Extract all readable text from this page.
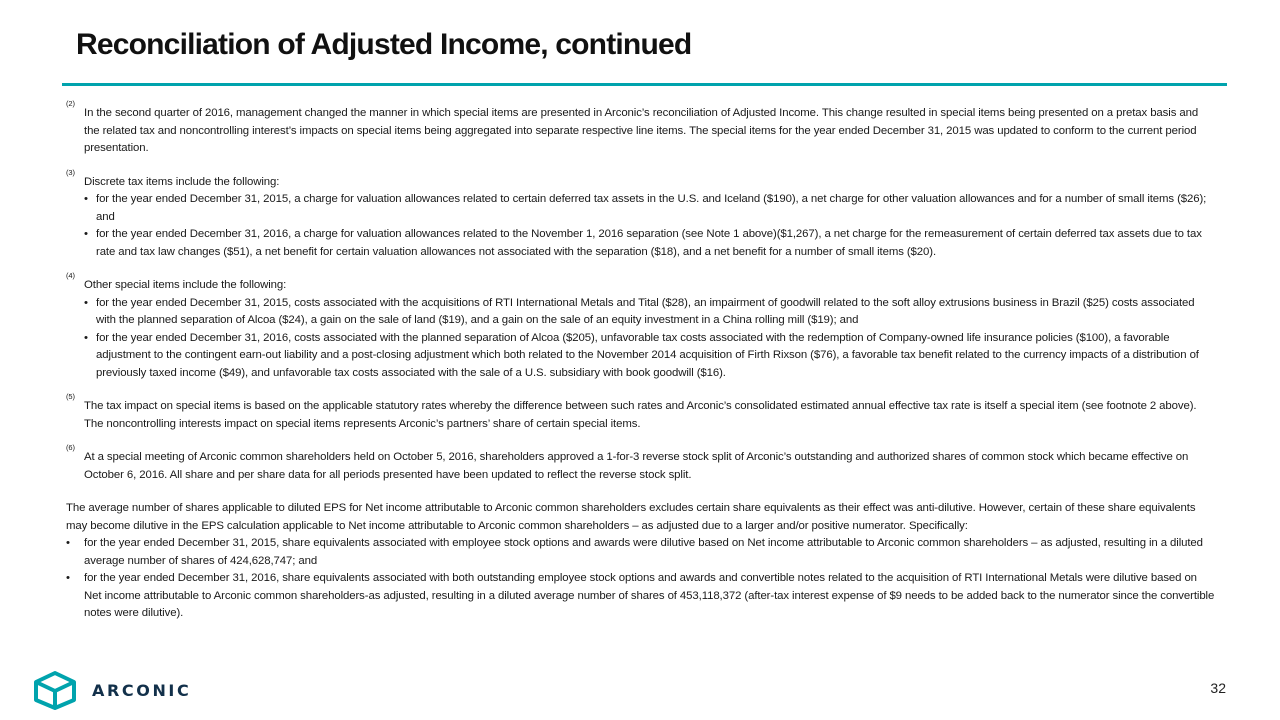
Reconciliation of Adjusted Income, continued
(2)

In the second quarter of 2016, management changed the manner in which special items are presented in Arconic’s reconciliation of Adjusted Income. This change resulted in special items being presented on a pretax basis and the related tax and noncontrolling interest’s impacts on special items being aggregated into separate respective line items. The special items for the year ended December 31, 2015 was updated to conform to the current period presentation.

(3)

Discrete tax items include the following:

• for the year ended December 31, 2015, a charge for valuation allowances related to certain deferred tax assets in the U.S. and Iceland ($190), a net charge for other valuation allowances and for a number of small items ($26); and
• for the year ended December 31, 2016, a charge for valuation allowances related to the November 1, 2016 separation (see Note 1 above)($1,267), a net charge for the remeasurement of certain deferred tax assets due to tax rate and tax law changes ($51), a net benefit for certain valuation allowances not associated with the separation ($18), and a net benefit for a number of small items ($20).
(4)

Other special items include the following:

• for the year ended December 31, 2015, costs associated with the acquisitions of RTI International Metals and Tital ($28), an impairment of goodwill related to the soft alloy extrusions business in Brazil ($25) costs associated with the planned separation of Alcoa ($24), a gain on the sale of land ($19), and a gain on the sale of an equity investment in a China rolling mill ($19); and
• for the year ended December 31, 2016, costs associated with the planned separation of Alcoa ($205), unfavorable tax costs associated with the redemption of Company-owned life insurance policies ($100), a favorable adjustment to the contingent earn-out liability and a post-closing adjustment which both related to the November 2014 acquisition of Firth Rixson ($76), a favorable tax benefit related to the currency impacts of a distribution of previously taxed income ($49), and unfavorable tax costs associated with the sale of a U.S. subsidiary with book goodwill ($16).
(5)

The tax impact on special items is based on the applicable statutory rates whereby the difference between such rates and Arconic’s consolidated estimated annual effective tax rate is itself a special item (see footnote 2 above). The noncontrolling interests impact on special items represents Arconic’s partners’ share of certain special items.

(6)

At a special meeting of Arconic common shareholders held on October 5, 2016, shareholders approved a 1-for-3 reverse stock split of Arconic’s outstanding and authorized shares of common stock which became effective on October 6, 2016. All share and per share data for all periods presented have been updated to reflect the reverse stock split.

The average number of shares applicable to diluted EPS for Net income attributable to Arconic common shareholders excludes certain share equivalents as their effect was anti-dilutive. However, certain of these share equivalents may become dilutive in the EPS calculation applicable to Net income attributable to Arconic common shareholders – as adjusted due to a larger and/or positive numerator. Specifically:

• for the year ended December 31, 2015, share equivalents associated with employee stock options and awards were dilutive based on Net income attributable to Arconic common shareholders – as adjusted, resulting in a diluted average number of shares of 424,628,747; and
• for the year ended December 31, 2016, share equivalents associated with both outstanding employee stock options and awards and convertible notes related to the acquisition of RTI International Metals were dilutive based on Net income attributable to Arconic common shareholders-as adjusted, resulting in a diluted average number of shares of 453,118,372 (after-tax interest expense of $9 needs to be added back to the numerator since the convertible notes were dilutive).
ARCONIC	32
